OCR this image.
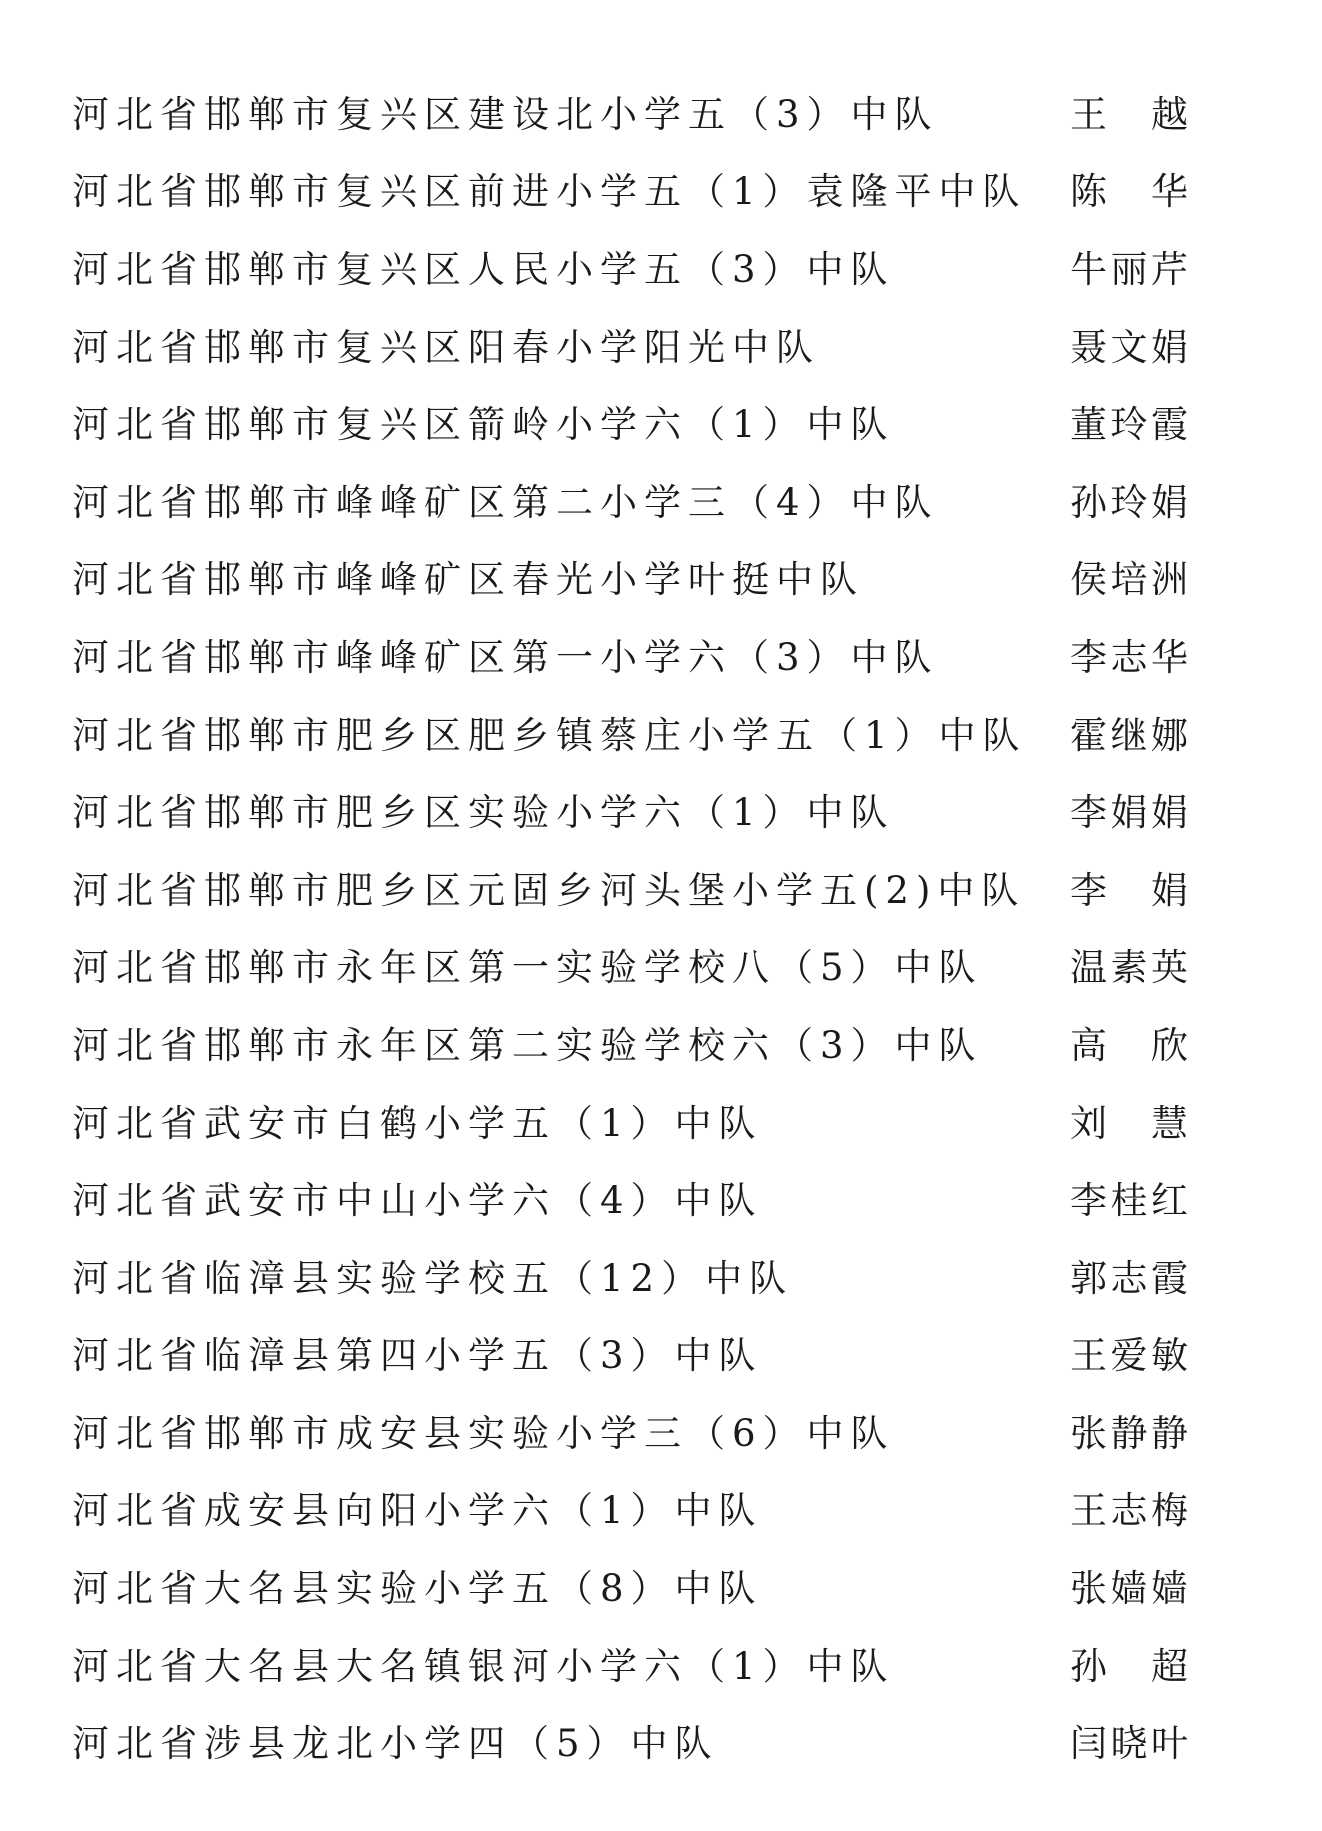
河北省邯郸市复兴区建设北小学五（3）中队	王 越
河北省邯郸市复兴区前进小学五（1）袁隆平中队 陈 华
河北省邯郸市复兴区人民小学五（3）中队	牛 丽 芹
河北省邯郸市复兴区阳春小学阳光中队	聂 文 娟
河北省邯郸市复兴区箭岭小学六（1）中队	董 玲 霞
河北省邯郸市峰峰矿区第二小学三（4）中队	孙 玲 娟
河北省邯郸市峰峰矿区春光小学叶挺中队	侯 培 洲
河北省邯郸市峰峰矿区第一小学六（3）中队	李 志 华
河北省邯郸市肥乡区肥乡镇蔡庄小学五（1）中队 霍 继 娜
河北省邯郸市肥乡区实验小学六（1）中队	李 娟 娟
河北省邯郸市肥乡区元固乡河头堡小学五(2)中队 李 娟
河北省邯郸市永年区第一实验学校八（5）中队 温 素 英
河北省邯郸市永年区第二实验学校六（3）中队 高 欣
河北省武安市白鹤小学五（1）中队	刘 慧
河北省武安市中山小学六（4）中队	李 桂 红
河北省临漳县实验学校五（12）中队	郭 志 霞
河北省临漳县第四小学五（3）中队	王 爱 敏
河北省邯郸市成安县实验小学三（6）中队	张 静 静
河北省成安县向阳小学六（1）中队	王 志 梅
河北省大名县实验小学五（8）中队	张 嫱 嫱
河北省大名县大名镇银河小学六（1）中队	孙 超
河北省涉县龙北小学四（5）中队	闫 晓 叶
